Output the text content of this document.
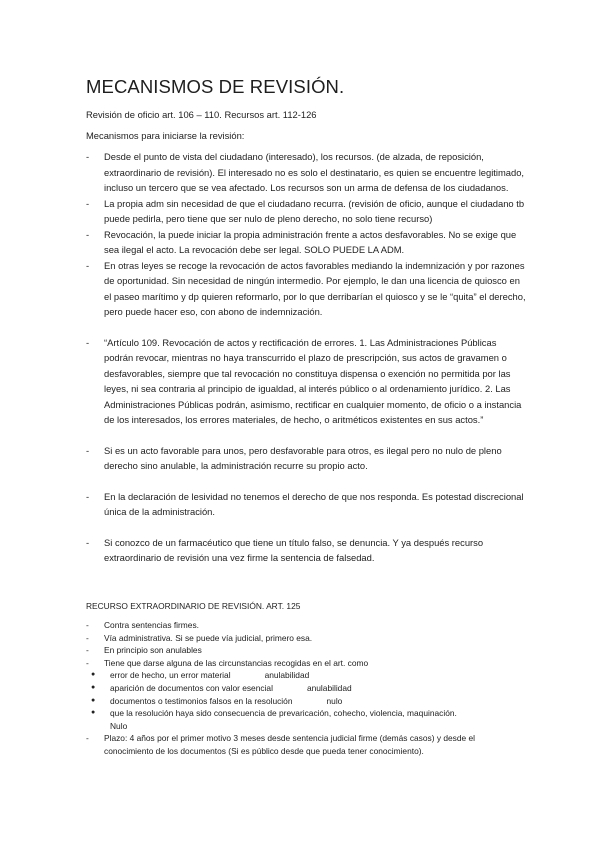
MECANISMOS DE REVISIÓN.
Revisión de oficio art. 106 – 110. Recursos art. 112-126
Mecanismos para iniciarse la revisión:
- Desde el punto de vista del ciudadano (interesado), los recursos. (de alzada, de reposición, extraordinario de revisión). El interesado no es solo el destinatario, es quien se encuentre legitimado, incluso un tercero que se vea afectado. Los recursos son un arma de defensa de los ciudadanos.
- La propia adm sin necesidad de que el ciudadano recurra. (revisión de oficio, aunque el ciudadano tb puede pedirla, pero tiene que ser nulo de pleno derecho, no solo tiene recurso)
- Revocación, la puede iniciar la propia administración frente a actos desfavorables. No se exige que sea ilegal el acto. La revocación debe ser legal. SOLO PUEDE LA ADM.
- En otras leyes se recoge la revocación de actos favorables mediando la indemnización y por razones de oportunidad. Sin necesidad de ningún intermedio. Por ejemplo, le dan una licencia de quiosco en el paseo marítimo y dp quieren reformarlo, por lo que derribarían el quiosco y se le “quita” el derecho, pero puede hacer eso, con abono de indemnización.
- “Artículo 109. Revocación de actos y rectificación de errores. 1. Las Administraciones Públicas podrán revocar, mientras no haya transcurrido el plazo de prescripción, sus actos de gravamen o desfavorables, siempre que tal revocación no constituya dispensa o exención no permitida por las leyes, ni sea contraria al principio de igualdad, al interés público o al ordenamiento jurídico. 2. Las Administraciones Públicas podrán, asimismo, rectificar en cualquier momento, de oficio o a instancia de los interesados, los errores materiales, de hecho, o aritméticos existentes en sus actos.”
- Si es un acto favorable para unos, pero desfavorable para otros, es ilegal pero no nulo de pleno derecho sino anulable, la administración recurre su propio acto.
- En la declaración de lesividad no tenemos el derecho de que nos responda. Es potestad discrecional única de la administración.
- Si conozco de un farmacéutico que tiene un título falso, se denuncia. Y ya después recurso extraordinario de revisión una vez firme la sentencia de falsedad.
RECURSO EXTRAORDINARIO DE REVISIÓN. ART. 125
- Contra sentencias firmes.
- Vía administrativa. Si se puede vía judicial, primero esa.
- En principio son anulables
- Tiene que darse alguna de las circunstancias recogidas en el art. como
● error de hecho, un error material	anulabilidad
● aparición de documentos con valor esencial	anulabilidad
● documentos o testimonios falsos en la resolución	nulo
● que la resolución haya sido consecuencia de prevaricación, cohecho, violencia, maquinación.
Nulo
- Plazo: 4 años por el primer motivo 3 meses desde sentencia judicial firme (demás casos) y desde el conocimiento de los documentos (Si es público desde que pueda tener conocimiento).
